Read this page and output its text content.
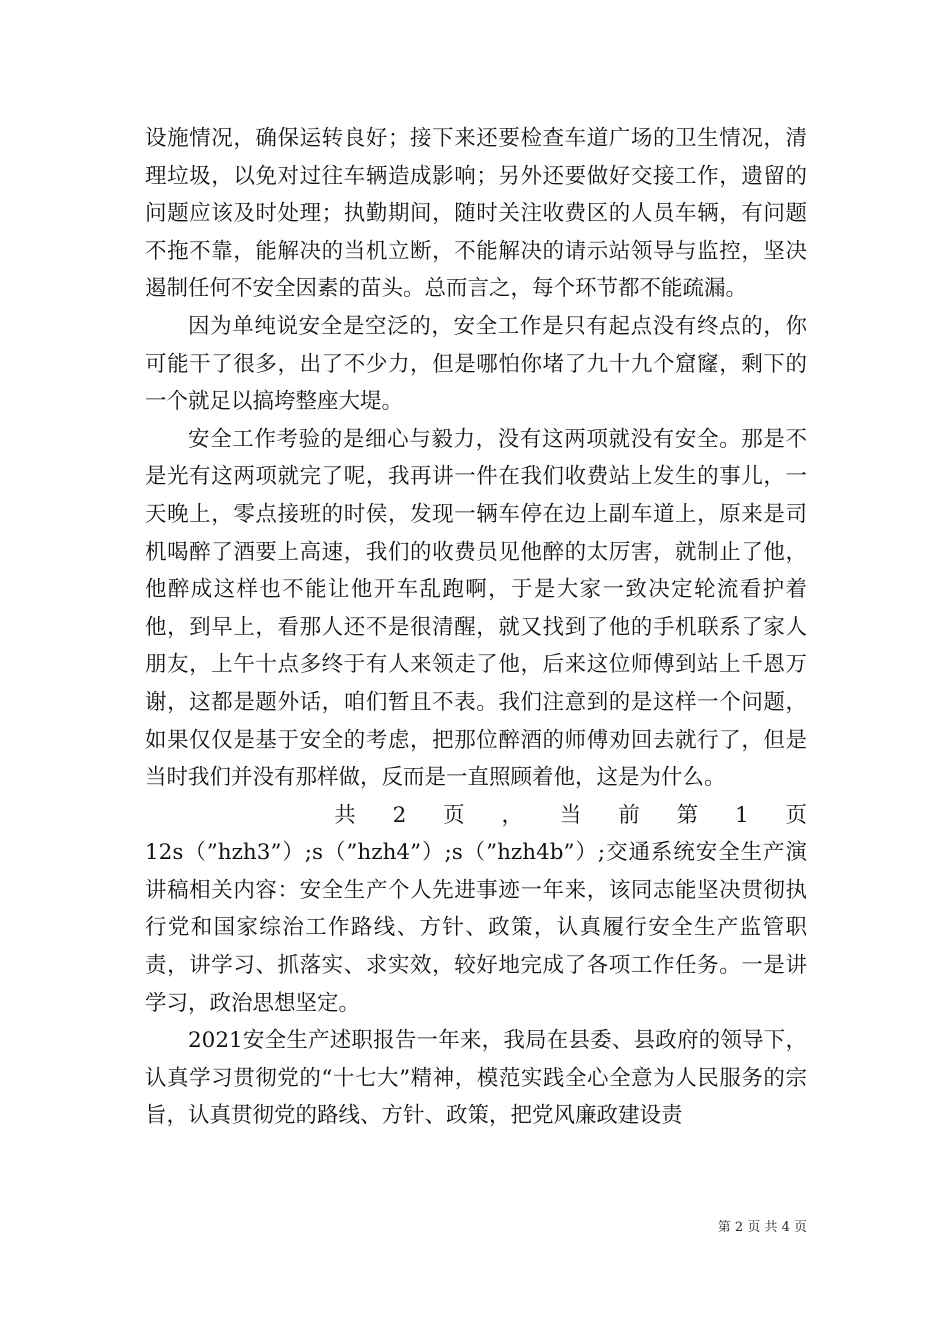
设施情况，确保运转良好；接下来还要检查车道广场的卫生情况，清理垃圾，以免对过往车辆造成影响；另外还要做好交接工作，遗留的问题应该及时处理；执勤期间，随时关注收费区的人员车辆，有问题不拖不靠，能解决的当机立断，不能解决的请示站领导与监控，坚决遏制任何不安全因素的苗头。总而言之，每个环节都不能疏漏。

因为单纯说安全是空泛的，安全工作是只有起点没有终点的，你可能干了很多，出了不少力，但是哪怕你堵了九十九个窟窿，剩下的一个就足以搞垮整座大堤。

安全工作考验的是细心与毅力，没有这两项就没有安全。那是不是光有这两项就完了呢，我再讲一件在我们收费站上发生的事儿，一天晚上，零点接班的时侯，发现一辆车停在边上副车道上，原来是司机喝醉了酒要上高速，我们的收费员见他醉的太厉害，就制止了他，他醉成这样也不能让他开车乱跑啊，于是大家一致决定轮流看护着他，到早上，看那人还不是很清醒，就又找到了他的手机联系了家人朋友，上午十点多终于有人来领走了他，后来这位师傅到站上千恩万谢，这都是题外话，咱们暂且不表。我们注意到的是这样一个问题，如果仅仅是基于安全的考虑，把那位醉酒的师傅劝回去就行了，但是当时我们并没有那样做，反而是一直照顾着他，这是为什么。

共 2 页 ， 当 前 第 1 页

12s（”hzh3”）;s（”hzh4”）;s（”hzh4b”）;交通系统安全生产演讲稿相关内容：安全生产个人先进事迹一年来，该同志能坚决贯彻执行党和国家综治工作路线、方针、政策，认真履行安全生产监管职责，讲学习、抓落实、求实效，较好地完成了各项工作任务。一是讲学习，政治思想坚定。

2021安全生产述职报告一年来，我局在县委、县政府的领导下，认真学习贯彻党的“十七大”精神，模范实践全心全意为人民服务的宗旨，认真贯彻党的路线、方针、政策，把党风廉政建设责

第 2 页 共 4 页
